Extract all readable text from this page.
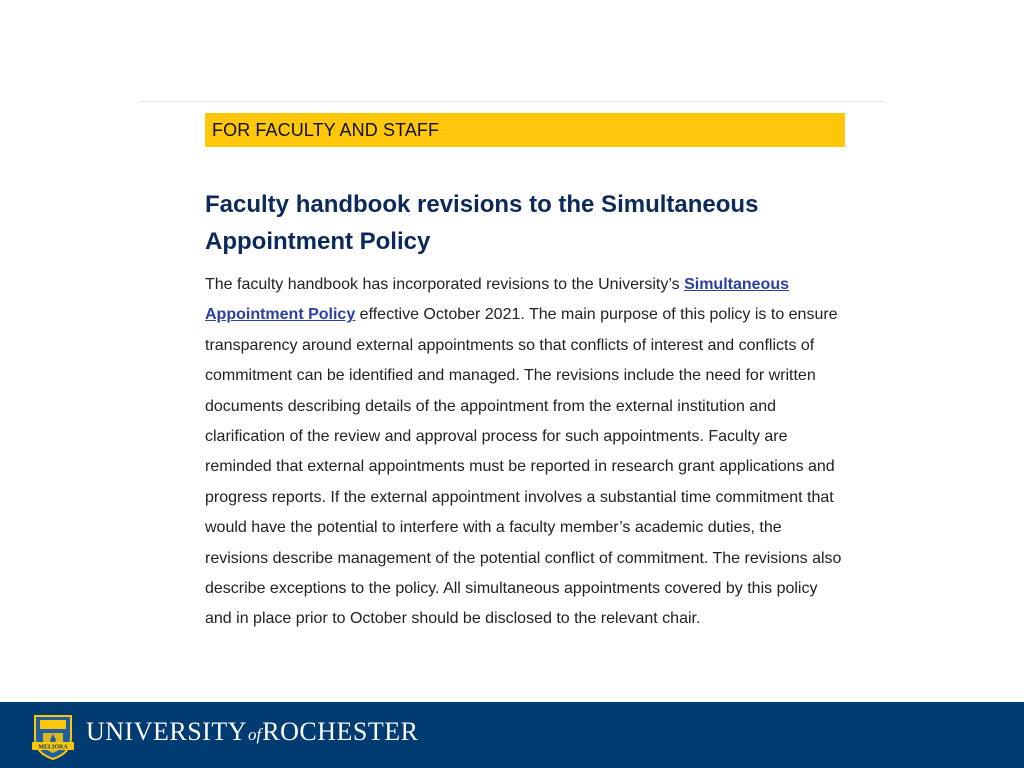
FOR FACULTY AND STAFF
Faculty handbook revisions to the Simultaneous Appointment Policy

The faculty handbook has incorporated revisions to the University’s Simultaneous Appointment Policy effective October 2021. The main purpose of this policy is to ensure transparency around external appointments so that conflicts of interest and conflicts of commitment can be identified and managed. The revisions include the need for written documents describing details of the appointment from the external institution and clarification of the review and approval process for such appointments. Faculty are reminded that external appointments must be reported in research grant applications and progress reports. If the external appointment involves a substantial time commitment that would have the potential to interfere with a faculty member’s academic duties, the revisions describe management of the potential conflict of commitment. The revisions also describe exceptions to the policy. All simultaneous appointments covered by this policy and in place prior to October should be disclosed to the relevant chair.

MELIORA
UNIVERSITYofROCHESTER
